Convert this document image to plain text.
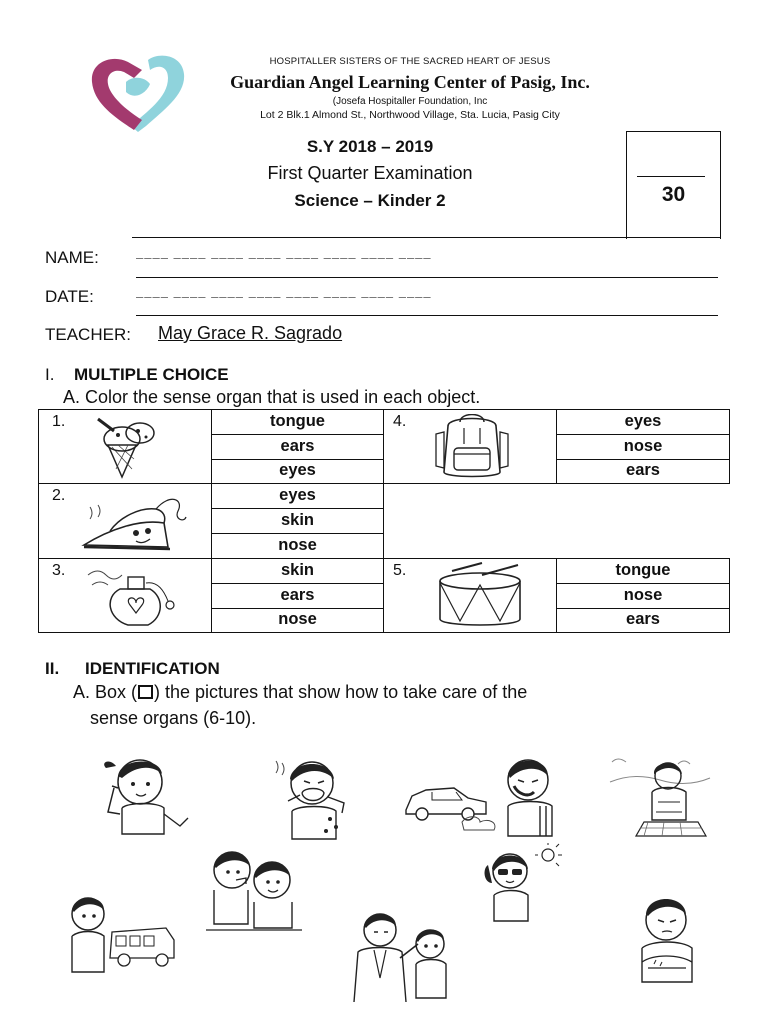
HOSPITALLER SISTERS OF THE SACRED HEART OF JESUS
Guardian Angel Learning Center of Pasig, Inc.
(Josefa Hospitaller Foundation, Inc
Lot 2 Blk.1 Almond St., Northwood Village, Sta. Lucia, Pasig City
S.Y 2018 – 2019
First Quarter Examination
Science – Kinder 2	30
NAME:	–––– –––– –––– –––– –––– –––– –––– ––––
DATE:	–––– –––– –––– –––– –––– –––– –––– ––––
TEACHER: May Grace R. Sagrado
I. MULTIPLE CHOICE
A. Color the sense organ that is used in each object.
1.	tongue
ears
eyes
4.	eyes
nose
ears
2.	eyes
skin
nose
3.	skin
ears
nose
5.	tongue
nose
ears
II. IDENTIFICATION
A. Box ( ) the pictures that show how to take care of the
sense organs (6-10).
